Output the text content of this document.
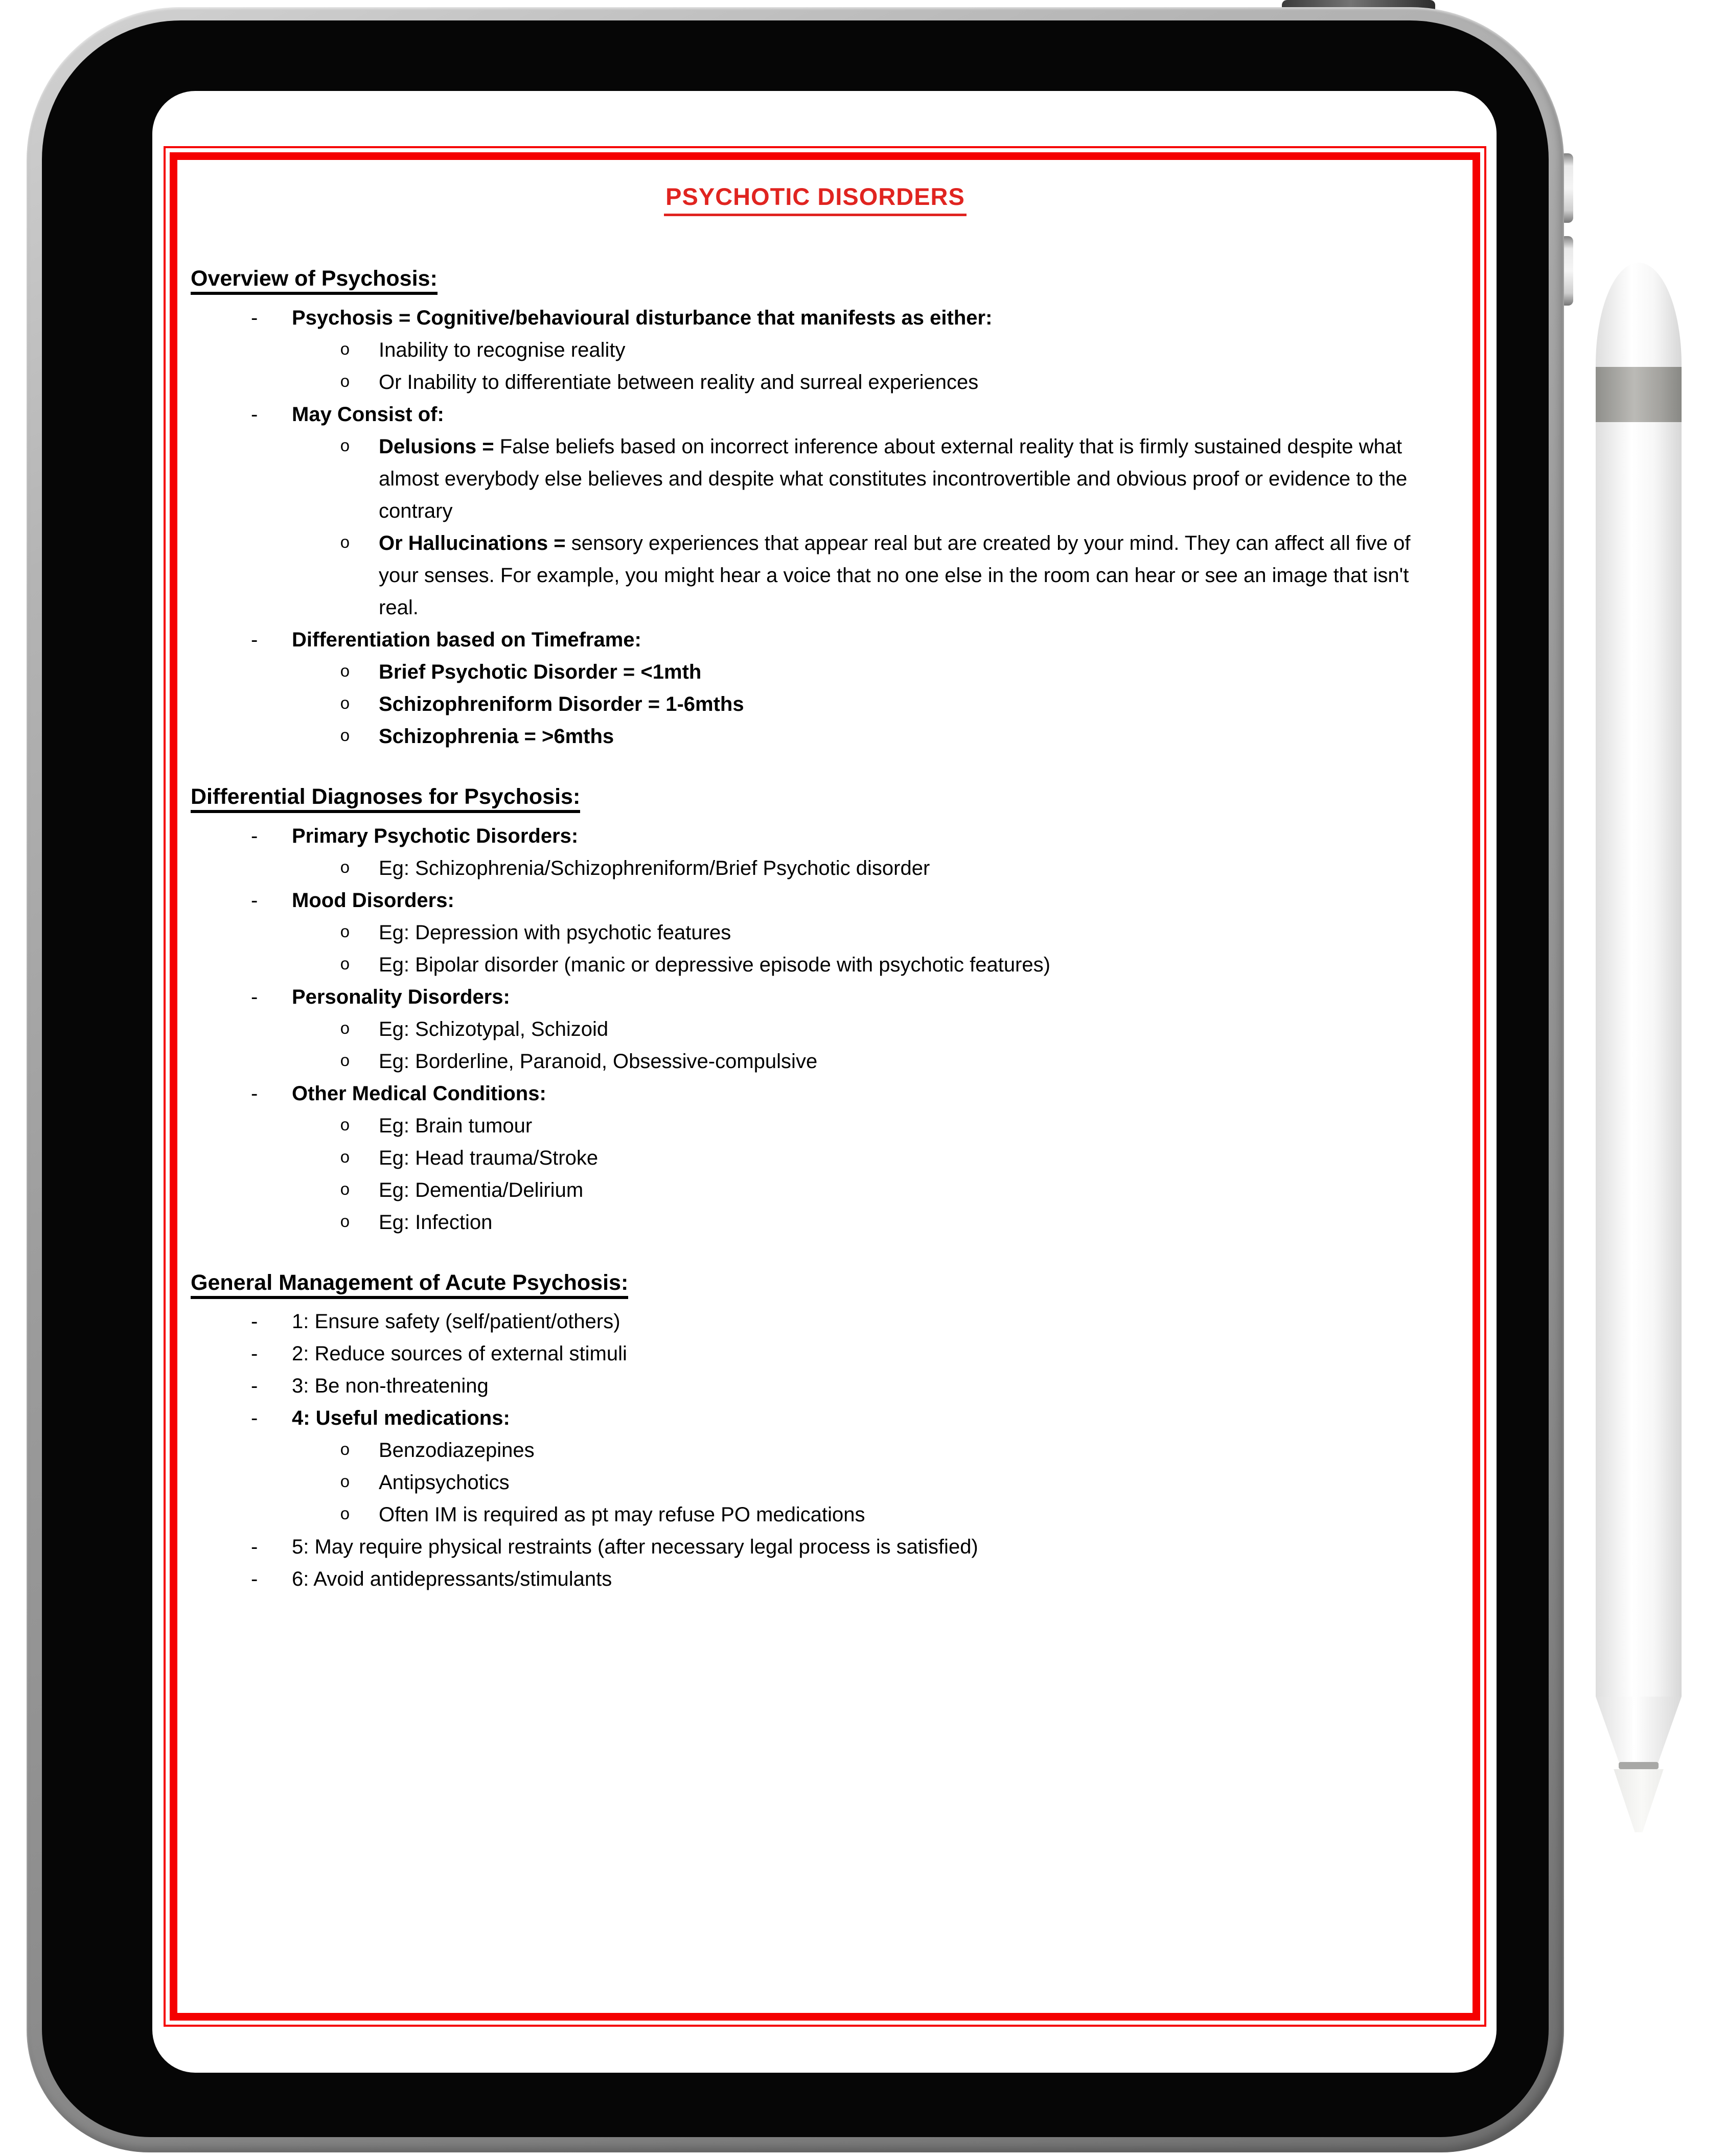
PSYCHOTIC DISORDERS
Overview of Psychosis:
-	Psychosis = Cognitive/behavioural disturbance that manifests as either:
o	Inability to recognise reality
o	Or Inability to differentiate between reality and surreal experiences
-	May Consist of:
o	Delusions = False beliefs based on incorrect inference about external reality that is firmly sustained despite what almost everybody else believes and despite what constitutes incontrovertible and obvious proof or evidence to the contrary
o	Or Hallucinations = sensory experiences that appear real but are created by your mind. They can affect all five of your senses. For example, you might hear a voice that no one else in the room can hear or see an image that isn't real.
-	Differentiation based on Timeframe:
o	Brief Psychotic Disorder = <1mth
o	Schizophreniform Disorder = 1-6mths
o	Schizophrenia = >6mths
Differential Diagnoses for Psychosis:
-	Primary Psychotic Disorders:
o	Eg: Schizophrenia/Schizophreniform/Brief Psychotic disorder
-	Mood Disorders:
o	Eg: Depression with psychotic features
o	Eg: Bipolar disorder (manic or depressive episode with psychotic features)
-	Personality Disorders:
o	Eg: Schizotypal, Schizoid
o	Eg: Borderline, Paranoid, Obsessive-compulsive
-	Other Medical Conditions:
o	Eg: Brain tumour
o	Eg: Head trauma/Stroke
o	Eg: Dementia/Delirium
o	Eg: Infection
General Management of Acute Psychosis:
-	1: Ensure safety (self/patient/others)
-	2: Reduce sources of external stimuli
-	3: Be non-threatening
-	4: Useful medications:
o	Benzodiazepines
o	Antipsychotics
o	Often IM is required as pt may refuse PO medications
-	5: May require physical restraints (after necessary legal process is satisfied)
-	6: Avoid antidepressants/stimulants
